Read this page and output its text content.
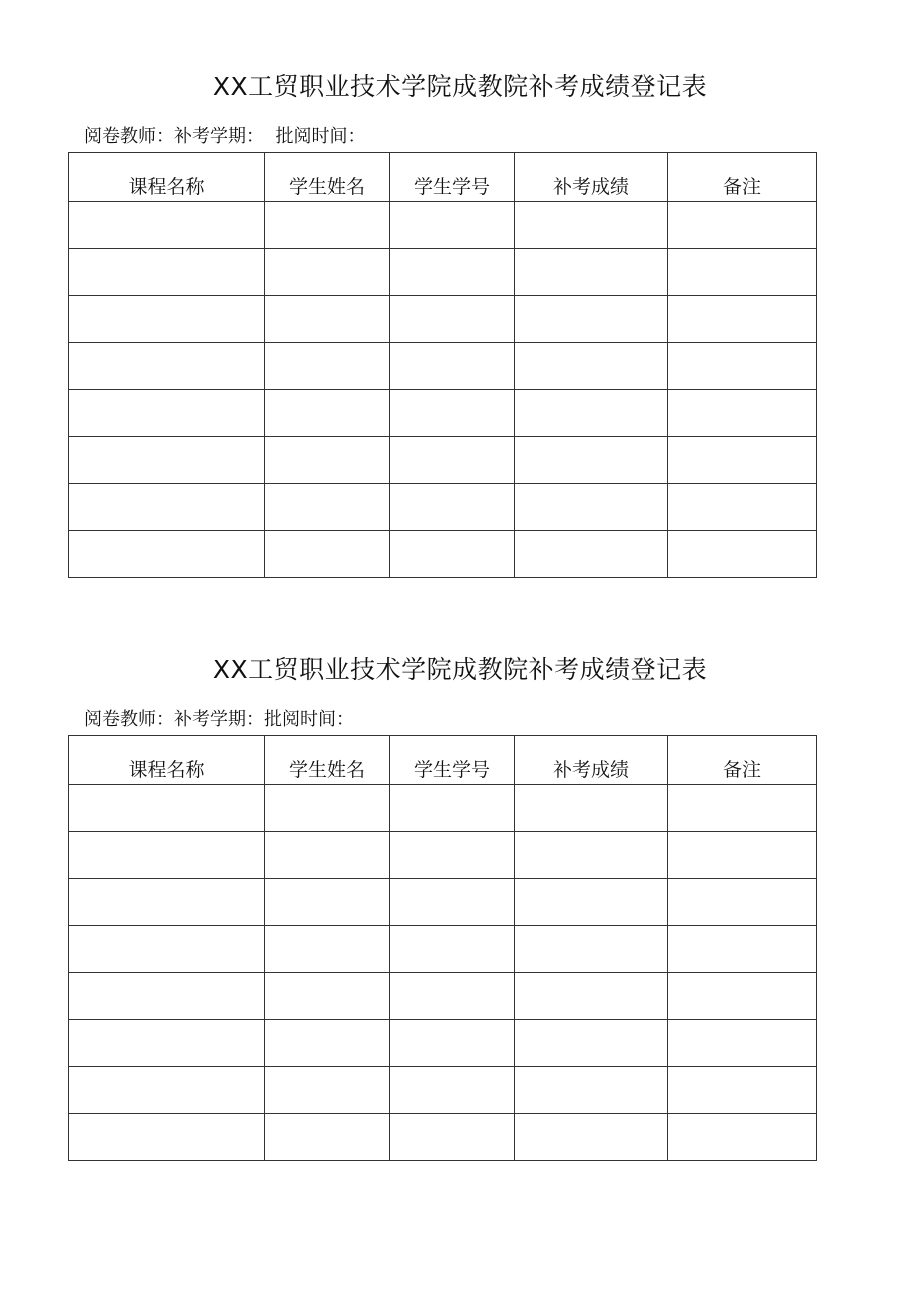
XX工贸职业技术学院成教院补考成绩登记表
阅卷教师：补考学期：  批阅时间：
课程名称	学生姓名	学生学号	补考成绩	备注

XX工贸职业技术学院成教院补考成绩登记表
阅卷教师：补考学期：批阅时间：
课程名称	学生姓名	学生学号	补考成绩	备注
